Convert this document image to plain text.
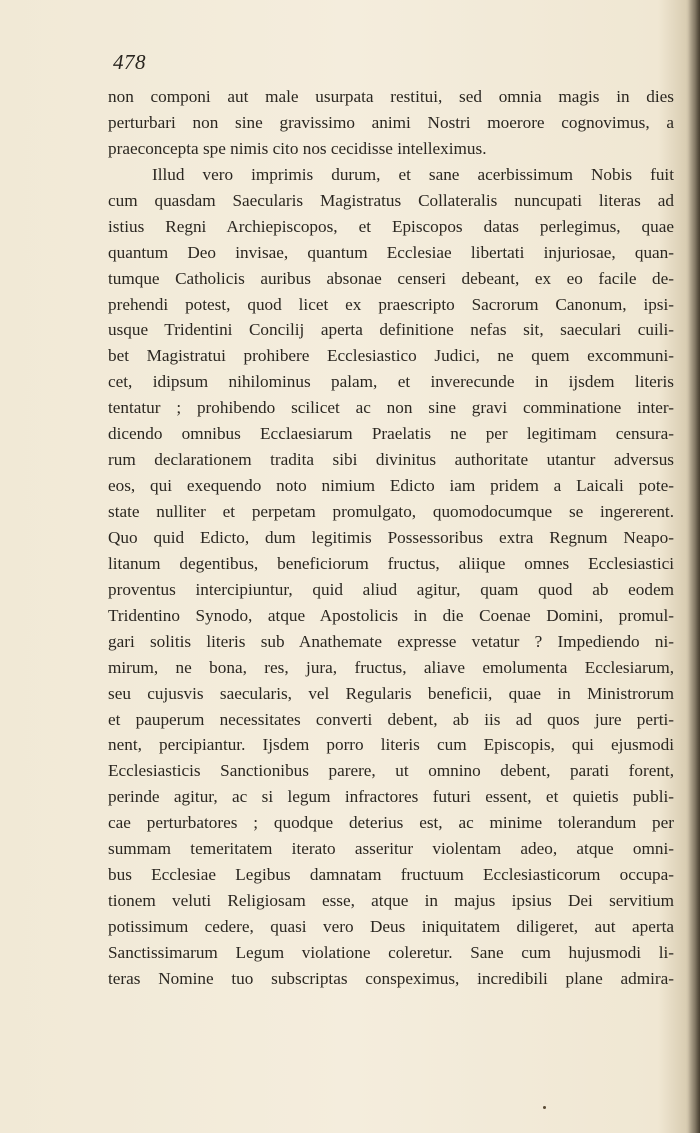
478
non componi aut male usurpata restitui, sed omnia magis in dies
perturbari non sine gravissimo animi Nostri moerore cognovimus, a
praeconcepta spe nimis cito nos cecidisse intelleximus.
Illud vero imprimis durum, et sane acerbissimum Nobis fuit
cum quasdam Saecularis Magistratus Collateralis nuncupati literas ad
istius Regni Archiepiscopos, et Episcopos datas perlegimus, quae
quantum Deo invisae, quantum Ecclesiae libertati injuriosae, quan-
tumque Catholicis auribus absonae censeri debeant, ex eo facile de-
prehendi potest, quod licet ex praescripto Sacrorum Canonum, ipsi-
usque Tridentini Concilij aperta definitione nefas sit, saeculari cuili-
bet Magistratui prohibere Ecclesiastico Judici, ne quem excommuni-
cet, idipsum nihilominus palam, et inverecunde in ijsdem literis
tentatur ; prohibendo scilicet ac non sine gravi comminatione inter-
dicendo omnibus Ecclaesiarum Praelatis ne per legitimam censura-
rum declarationem tradita sibi divinitus authoritate utantur adversus
eos, qui exequendo noto nimium Edicto iam pridem a Laicali pote-
state nulliter et perpetam promulgato, quomodocumque se ingererent.
Quo quid Edicto, dum legitimis Possessoribus extra Regnum Neapo-
litanum degentibus, beneficiorum fructus, aliique omnes Ecclesiastici
proventus intercipiuntur, quid aliud agitur, quam quod ab eodem
Tridentino Synodo, atque Apostolicis in die Coenae Domini, promul-
gari solitis literis sub Anathemate expresse vetatur ? Impediendo ni-
mirum, ne bona, res, jura, fructus, aliave emolumenta Ecclesiarum,
seu cujusvis saecularis, vel Regularis beneficii, quae in Ministrorum
et pauperum necessitates converti debent, ab iis ad quos jure perti-
nent, percipiantur. Ijsdem porro literis cum Episcopis, qui ejusmodi
Ecclesiasticis Sanctionibus parere, ut omnino debent, parati forent,
perinde agitur, ac si legum infractores futuri essent, et quietis publi-
cae perturbatores ; quodque deterius est, ac minime tolerandum per
summam temeritatem iterato asseritur violentam adeo, atque omni-
bus Ecclesiae Legibus damnatam fructuum Ecclesiasticorum occupa-
tionem veluti Religiosam esse, atque in majus ipsius Dei servitium
potissimum cedere, quasi vero Deus iniquitatem diligeret, aut aperta
Sanctissimarum Legum violatione coleretur. Sane cum hujusmodi li-
teras Nomine tuo subscriptas conspeximus, incredibili plane admira-
